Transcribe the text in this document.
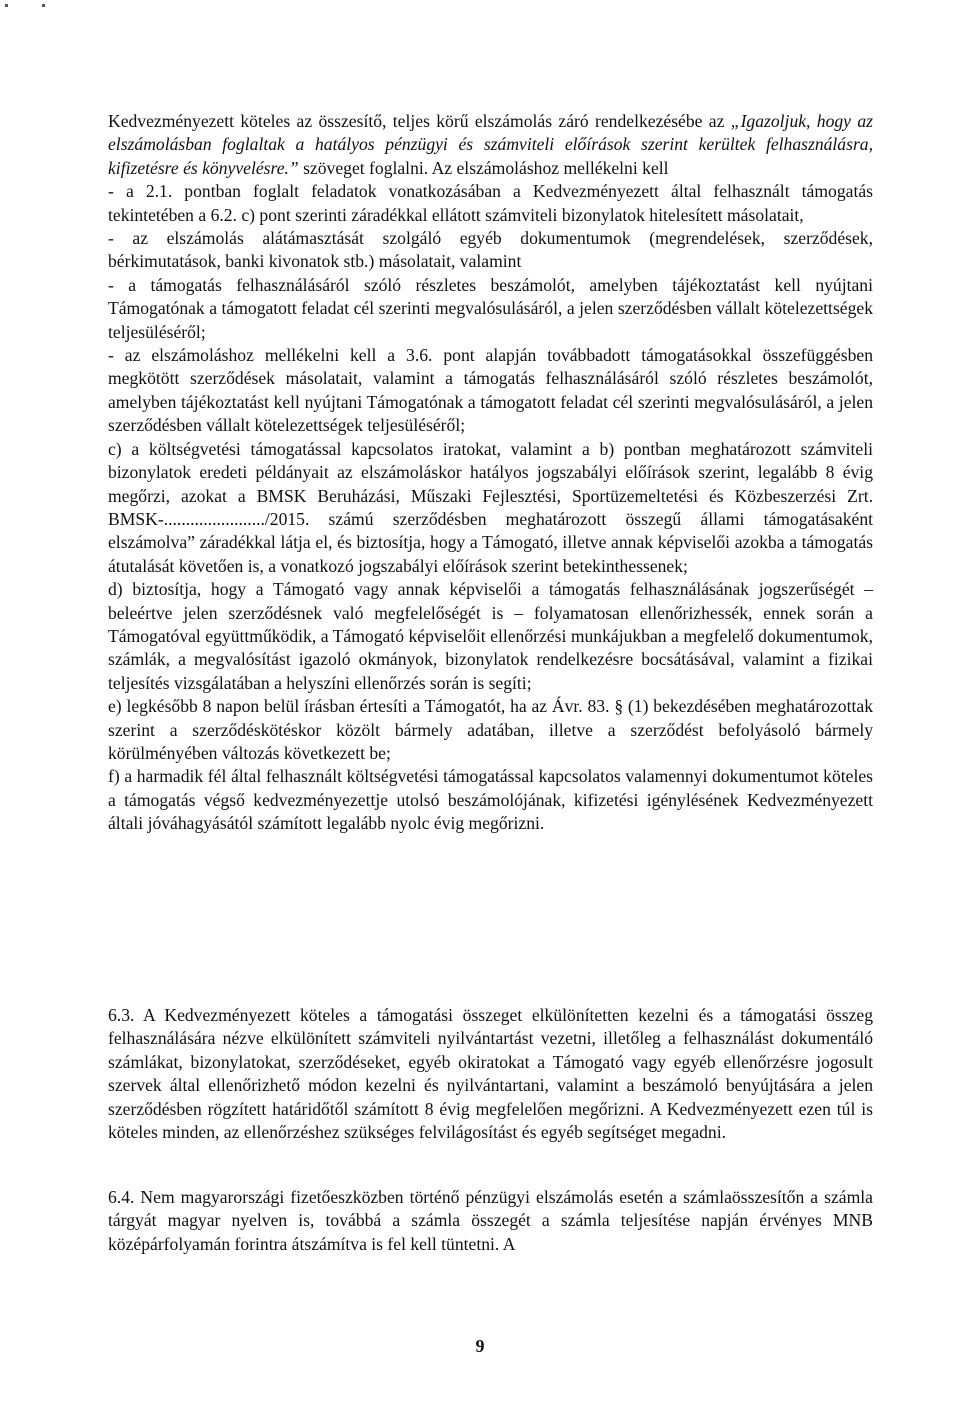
Kedvezményezett köteles az összesítő, teljes körű elszámolás záró rendelkezésébe az „Igazoljuk, hogy az elszámolásban foglaltak a hatályos pénzügyi és számviteli előírások szerint kerültek felhasználásra, kifizetésre és könyvelésre.” szöveget foglalni. Az elszámoláshoz mellékelni kell

- a 2.1. pontban foglalt feladatok vonatkozásában a Kedvezményezett által felhasznált támogatás tekintetében a 6.2. c) pont szerinti záradékkal ellátott számviteli bizonylatok hitelesített másolatait,

- az elszámolás alátámasztását szolgáló egyéb dokumentumok (megrendelések, szerződések, bérkimutatások, banki kivonatok stb.) másolatait, valamint

- a támogatás felhasználásáról szóló részletes beszámolót, amelyben tájékoztatást kell nyújtani Támogatónak a támogatott feladat cél szerinti megvalósulásáról, a jelen szerződésben vállalt kötelezettségek teljesüléséről;

- az elszámoláshoz mellékelni kell a 3.6. pont alapján továbbadott támogatásokkal összefüggésben megkötött szerződések másolatait, valamint a támogatás felhasználásáról szóló részletes beszámolót, amelyben tájékoztatást kell nyújtani Támogatónak a támogatott feladat cél szerinti megvalósulásáról, a jelen szerződésben vállalt kötelezettségek teljesüléséről;

c) a költségvetési támogatással kapcsolatos iratokat, valamint a b) pontban meghatározott számviteli bizonylatok eredeti példányait az elszámoláskor hatályos jogszabályi előírások szerint, legalább 8 évig megőrzi, azokat a BMSK Beruházási, Műszaki Fejlesztési, Sportüzemeltetési és Közbeszerzési Zrt. BMSK-......................./2015. számú szerződésben meghatározott összegű állami támogatásaként elszámolva” záradékkal látja el, és biztosítja, hogy a Támogató, illetve annak képviselői azokba a támogatás átutalását követően is, a vonatkozó jogszabályi előírások szerint betekinthessenek;

d) biztosítja, hogy a Támogató vagy annak képviselői a támogatás felhasználásának jogszerűségét – beleértve jelen szerződésnek való megfelelőségét is – folyamatosan ellenőrizhessék, ennek során a Támogatóval együttműködik, a Támogató képviselőit ellenőrzési munkájukban a megfelelő dokumentumok, számlák, a megvalósítást igazoló okmányok, bizonylatok rendelkezésre bocsátásával, valamint a fizikai teljesítés vizsgálatában a helyszíni ellenőrzés során is segíti;

e) legkésőbb 8 napon belül írásban értesíti a Támogatót, ha az Ávr. 83. § (1) bekezdésében meghatározottak szerint a szerződéskötéskor közölt bármely adatában, illetve a szerződést befolyásoló bármely körülményében változás következett be;

f) a harmadik fél által felhasznált költségvetési támogatással kapcsolatos valamennyi dokumentumot köteles a támogatás végső kedvezményezettje utolsó beszámolójának, kifizetési igénylésének Kedvezményezett általi jóváhagyásától számított legalább nyolc évig megőrizni.

6.3. A Kedvezményezett köteles a támogatási összeget elkülönítetten kezelni és a támogatási összeg felhasználására nézve elkülönített számviteli nyilvántartást vezetni, illetőleg a felhasználást dokumentáló számlákat, bizonylatokat, szerződéseket, egyéb okiratokat a Támogató vagy egyéb ellenőrzésre jogosult szervek által ellenőrizhető módon kezelni és nyilvántartani, valamint a beszámoló benyújtására a jelen szerződésben rögzített határidőtől számított 8 évig megfelelően megőrizni. A Kedvezményezett ezen túl is köteles minden, az ellenőrzéshez szükséges felvilágosítást és egyéb segítséget megadni.

6.4. Nem magyarországi fizetőeszközben történő pénzügyi elszámolás esetén a számlaösszesítőn a számla tárgyát magyar nyelven is, továbbá a számla összegét a számla teljesítése napján érvényes MNB középárfolyamán forintra átszámítva is fel kell tüntetni. A

9
